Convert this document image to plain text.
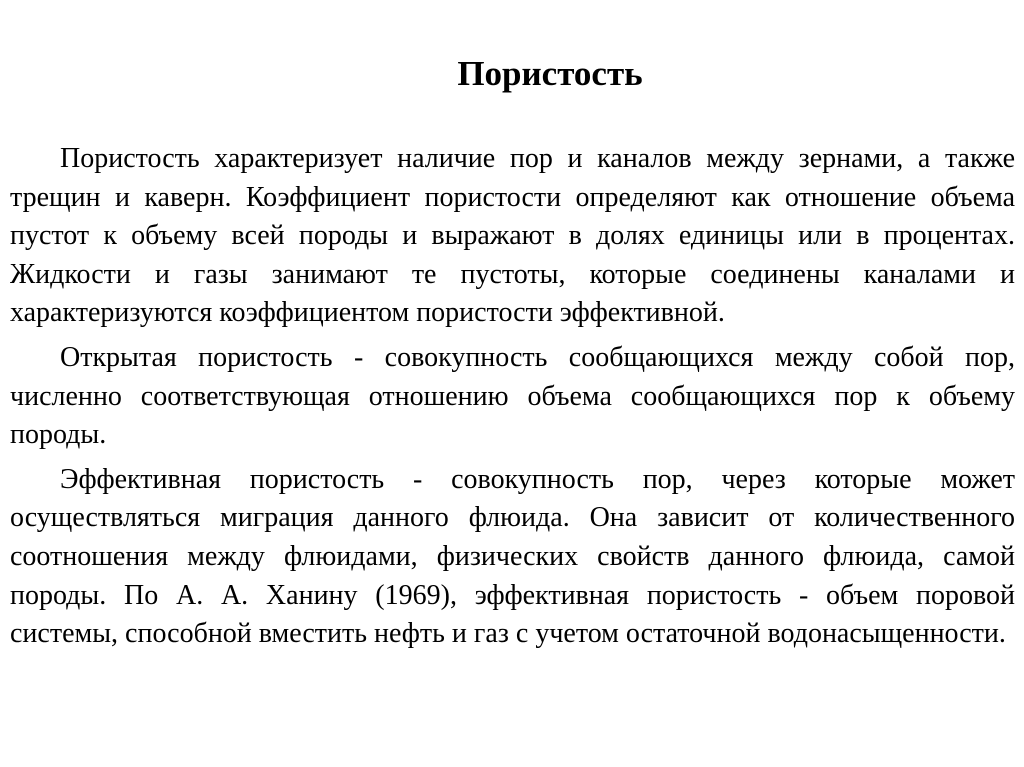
Пористость

Пористость характеризует наличие пор и каналов между зернами, а также трещин и каверн. Коэффициент пористости определяют как отношение объема пустот к объему всей породы и выражают в долях единицы или в процентах. Жидкости и газы занимают те пустоты, которые соединены каналами и характеризуются коэффициентом пористости эффективной.

Открытая пористость - совокупность сообщающихся между собой пор, численно соответствующая отношению объема сообщающихся пор к объему породы.

Эффективная пористость - совокупность пор, через которые может осуществляться миграция данного флюида. Она зависит от количественного соотношения между флюидами, физических свойств данного флюида, самой породы. По А. А. Ханину (1969), эффективная пористость - объем поровой системы, способной вместить нефть и газ с учетом остаточной водонасыщенности.
